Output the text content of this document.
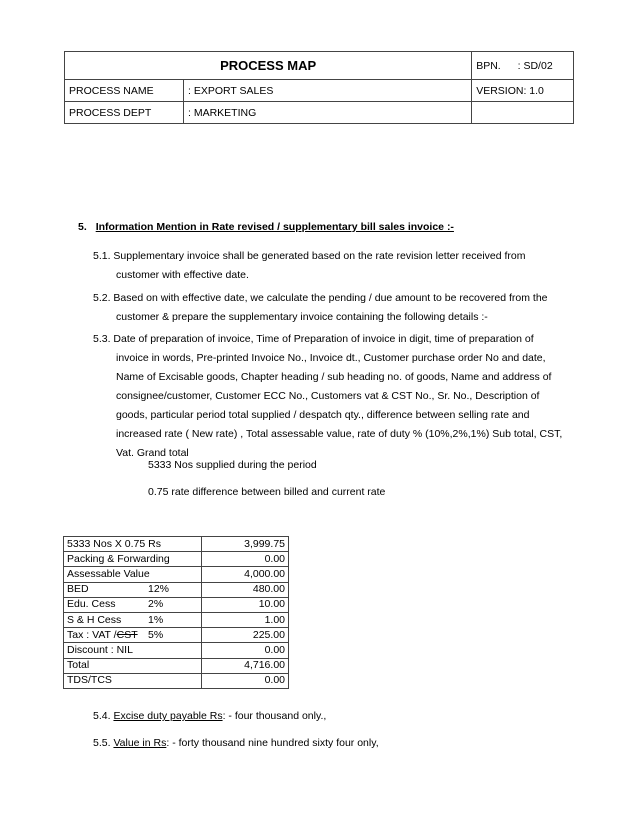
PROCESS MAP		BPN. : SD/02
PROCESS NAME	: EXPORT SALES	VERSION: 1.0
PROCESS DEPT	: MARKETING	
5. Information Mention in Rate revised / supplementary bill sales invoice :-
5.1. Supplementary invoice shall be generated based on the rate revision letter received from
customer with effective date.
5.2. Based on with effective date, we calculate the pending / due amount to be recovered from the
customer & prepare the supplementary invoice containing the following details :-
5.3. Date of preparation of invoice, Time of Preparation of invoice in digit, time of preparation of
invoice in words, Pre-printed Invoice No., Invoice dt., Customer purchase order No and date,
Name of Excisable goods, Chapter heading / sub heading no. of goods, Name and address of
consignee/customer, Customer ECC No., Customers vat & CST No., Sr. No., Description of
goods, particular period total supplied / despatch qty., difference between selling rate and
increased rate ( New rate) , Total assessable value, rate of duty % (10%,2%,1%) Sub total, CST,
Vat. Grand total
5333 Nos supplied during the period
0.75 rate difference between billed and current rate
5333 Nos X 0.75 Rs	3,999.75
Packing & Forwarding	0.00
Assessable Value	4,000.00
BED 12%	480.00
Edu. Cess 2%	10.00
S & H Cess 1%	1.00
Tax : VAT /CST 5%	225.00
Discount : NIL	0.00
Total	4,716.00
TDS/TCS	0.00
5.4. Excise duty payable Rs: - four thousand only.,
5.5. Value in Rs: - forty thousand nine hundred sixty four only,
